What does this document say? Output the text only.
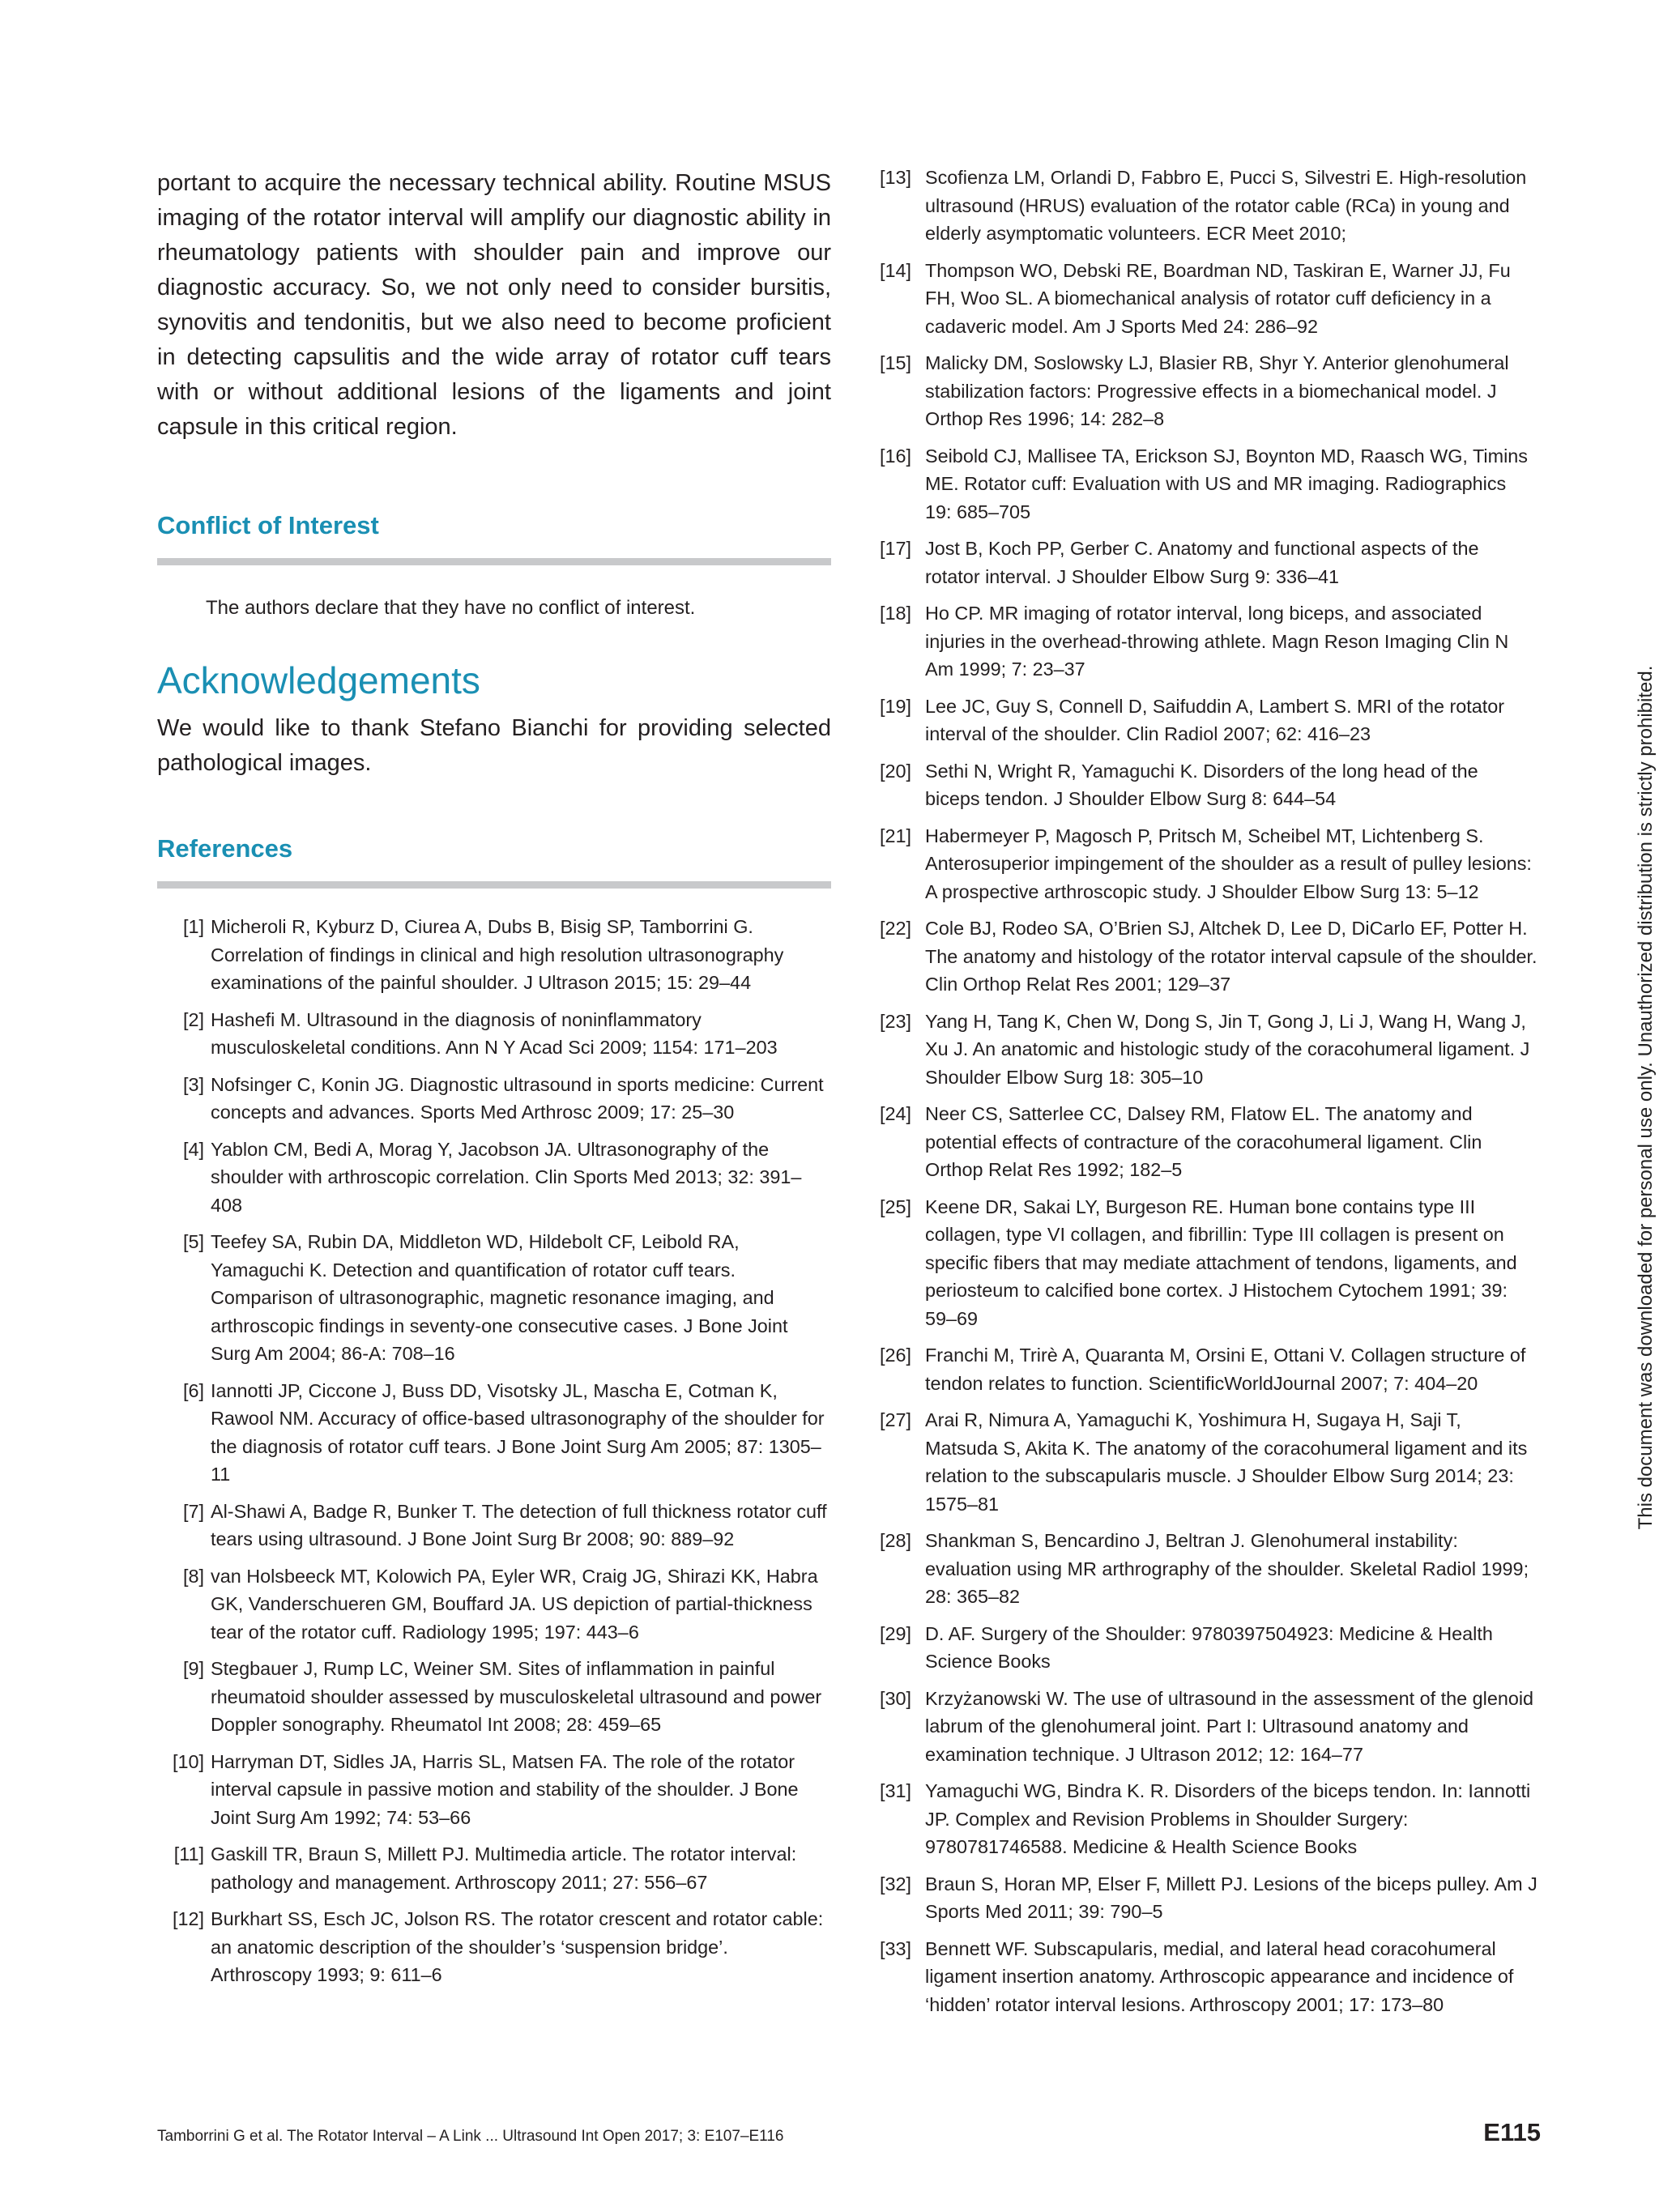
portant to acquire the necessary technical ability. Routine MSUS imaging of the rotator interval will amplify our diagnostic ability in rheumatology patients with shoulder pain and improve our diagnostic accuracy. So, we not only need to consider bursitis, synovitis and tendonitis, but we also need to become proficient in detecting capsulitis and the wide array of rotator cuff tears with or without additional lesions of the ligaments and joint capsule in this critical region.

Conflict of Interest

The authors declare that they have no conflict of interest.

Acknowledgements

We would like to thank Stefano Bianchi for providing selected pathological images.

References
[1] Micheroli R, Kyburz D, Ciurea A, Dubs B, Bisig SP, Tamborrini G. Correlation of findings in clinical and high resolution ultrasonography examinations of the painful shoulder. J Ultrason 2015; 15: 29–44
[2] Hashefi M. Ultrasound in the diagnosis of noninflammatory musculoskeletal conditions. Ann N Y Acad Sci 2009; 1154: 171–203
[3] Nofsinger C, Konin JG. Diagnostic ultrasound in sports medicine: Current concepts and advances. Sports Med Arthrosc 2009; 17: 25–30
[4] Yablon CM, Bedi A, Morag Y, Jacobson JA. Ultrasonography of the shoulder with arthroscopic correlation. Clin Sports Med 2013; 32: 391–408
[5] Teefey SA, Rubin DA, Middleton WD, Hildebolt CF, Leibold RA, Yamaguchi K. Detection and quantification of rotator cuff tears. Comparison of ultrasonographic, magnetic resonance imaging, and arthroscopic findings in seventy-one consecutive cases. J Bone Joint Surg Am 2004; 86-A: 708–16
[6] Iannotti JP, Ciccone J, Buss DD, Visotsky JL, Mascha E, Cotman K, Rawool NM. Accuracy of office-based ultrasonography of the shoulder for the diagnosis of rotator cuff tears. J Bone Joint Surg Am 2005; 87: 1305–11
[7] Al-Shawi A, Badge R, Bunker T. The detection of full thickness rotator cuff tears using ultrasound. J Bone Joint Surg Br 2008; 90: 889–92
[8] van Holsbeeck MT, Kolowich PA, Eyler WR, Craig JG, Shirazi KK, Habra GK, Vanderschueren GM, Bouffard JA. US depiction of partial-thickness tear of the rotator cuff. Radiology 1995; 197: 443–6
[9] Stegbauer J, Rump LC, Weiner SM. Sites of inflammation in painful rheumatoid shoulder assessed by musculoskeletal ultrasound and power Doppler sonography. Rheumatol Int 2008; 28: 459–65
[10] Harryman DT, Sidles JA, Harris SL, Matsen FA. The role of the rotator interval capsule in passive motion and stability of the shoulder. J Bone Joint Surg Am 1992; 74: 53–66
[11] Gaskill TR, Braun S, Millett PJ. Multimedia article. The rotator interval: pathology and management. Arthroscopy 2011; 27: 556–67
[12] Burkhart SS, Esch JC, Jolson RS. The rotator crescent and rotator cable: an anatomic description of the shoulder’s ‘suspension bridge’. Arthroscopy 1993; 9: 611–6
[13] Scofienza LM, Orlandi D, Fabbro E, Pucci S, Silvestri E. High-resolution ultrasound (HRUS) evaluation of the rotator cable (RCa) in young and elderly asymptomatic volunteers. ECR Meet 2010;
[14] Thompson WO, Debski RE, Boardman ND, Taskiran E, Warner JJ, Fu FH, Woo SL. A biomechanical analysis of rotator cuff deficiency in a cadaveric model. Am J Sports Med 24: 286–92
[15] Malicky DM, Soslowsky LJ, Blasier RB, Shyr Y. Anterior glenohumeral stabilization factors: Progressive effects in a biomechanical model. J Orthop Res 1996; 14: 282–8
[16] Seibold CJ, Mallisee TA, Erickson SJ, Boynton MD, Raasch WG, Timins ME. Rotator cuff: Evaluation with US and MR imaging. Radiographics 19: 685–705
[17] Jost B, Koch PP, Gerber C. Anatomy and functional aspects of the rotator interval. J Shoulder Elbow Surg 9: 336–41
[18] Ho CP. MR imaging of rotator interval, long biceps, and associated injuries in the overhead-throwing athlete. Magn Reson Imaging Clin N Am 1999; 7: 23–37
[19] Lee JC, Guy S, Connell D, Saifuddin A, Lambert S. MRI of the rotator interval of the shoulder. Clin Radiol 2007; 62: 416–23
[20] Sethi N, Wright R, Yamaguchi K. Disorders of the long head of the biceps tendon. J Shoulder Elbow Surg 8: 644–54
[21] Habermeyer P, Magosch P, Pritsch M, Scheibel MT, Lichtenberg S. Anterosuperior impingement of the shoulder as a result of pulley lesions: A prospective arthroscopic study. J Shoulder Elbow Surg 13: 5–12
[22] Cole BJ, Rodeo SA, O’Brien SJ, Altchek D, Lee D, DiCarlo EF, Potter H. The anatomy and histology of the rotator interval capsule of the shoulder. Clin Orthop Relat Res 2001; 129–37
[23] Yang H, Tang K, Chen W, Dong S, Jin T, Gong J, Li J, Wang H, Wang J, Xu J. An anatomic and histologic study of the coracohumeral ligament. J Shoulder Elbow Surg 18: 305–10
[24] Neer CS, Satterlee CC, Dalsey RM, Flatow EL. The anatomy and potential effects of contracture of the coracohumeral ligament. Clin Orthop Relat Res 1992; 182–5
[25] Keene DR, Sakai LY, Burgeson RE. Human bone contains type III collagen, type VI collagen, and fibrillin: Type III collagen is present on specific fibers that may mediate attachment of tendons, ligaments, and periosteum to calcified bone cortex. J Histochem Cytochem 1991; 39: 59–69
[26] Franchi M, Trirè A, Quaranta M, Orsini E, Ottani V. Collagen structure of tendon relates to function. ScientificWorldJournal 2007; 7: 404–20
[27] Arai R, Nimura A, Yamaguchi K, Yoshimura H, Sugaya H, Saji T, Matsuda S, Akita K. The anatomy of the coracohumeral ligament and its relation to the subscapularis muscle. J Shoulder Elbow Surg 2014; 23: 1575–81
[28] Shankman S, Bencardino J, Beltran J. Glenohumeral instability: evaluation using MR arthrography of the shoulder. Skeletal Radiol 1999; 28: 365–82
[29] D. AF. Surgery of the Shoulder: 9780397504923: Medicine & Health Science Books
[30] Krzyżanowski W. The use of ultrasound in the assessment of the glenoid labrum of the glenohumeral joint. Part I: Ultrasound anatomy and examination technique. J Ultrason 2012; 12: 164–77
[31] Yamaguchi WG, Bindra K. R. Disorders of the biceps tendon. In: Iannotti JP. Complex and Revision Problems in Shoulder Surgery: 9780781746588. Medicine & Health Science Books
[32] Braun S, Horan MP, Elser F, Millett PJ. Lesions of the biceps pulley. Am J Sports Med 2011; 39: 790–5
[33] Bennett WF. Subscapularis, medial, and lateral head coracohumeral ligament insertion anatomy. Arthroscopic appearance and incidence of ‘hidden’ rotator interval lesions. Arthroscopy 2001; 17: 173–80
Tamborrini G et al. The Rotator Interval – A Link ... Ultrasound Int Open 2017; 3: E107–E116	E115
This document was downloaded for personal use only. Unauthorized distribution is strictly prohibited.
